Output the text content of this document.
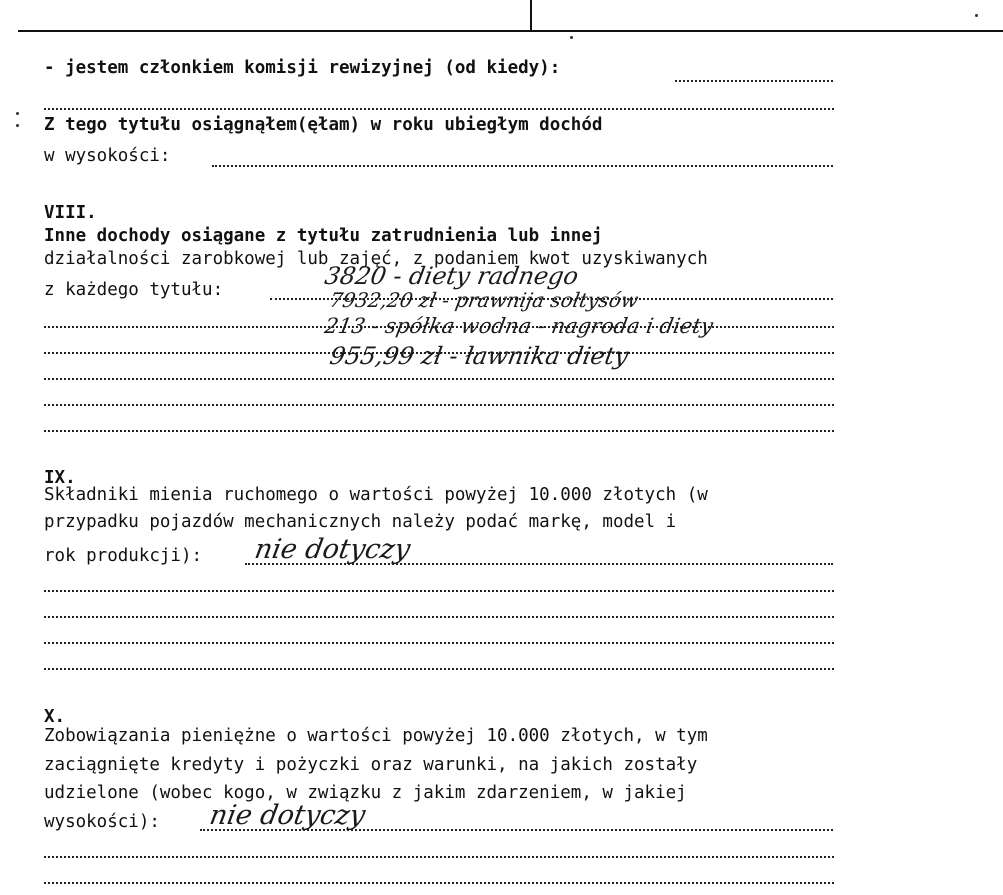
- jestem członkiem komisji rewizyjnej (od kiedy):
Z tego tytułu osiągnąłem(ęłam) w roku ubiegłym dochód
w wysokości:
VIII.
Inne dochody osiągane z tytułu zatrudnienia lub innej
działalności zarobkowej lub zajęć, z podaniem kwot uzyskiwanych
z każdego tytułu:	3820 - diety radnego
7932,20 zł - prawnija sołtysów
213 - spółka wodna - nagroda i diety
955,99 zł - ławnika diety
IX.
Składniki mienia ruchomego o wartości powyżej 10.000 złotych (w
przypadku pojazdów mechanicznych należy podać markę, model i
rok produkcji): nie dotyczy
X.
Zobowiązania pieniężne o wartości powyżej 10.000 złotych, w tym
zaciągnięte kredyty i pożyczki oraz warunki, na jakich zostały
udzielone (wobec kogo, w związku z jakim zdarzeniem, w jakiej
wysokości): nie dotyczy
